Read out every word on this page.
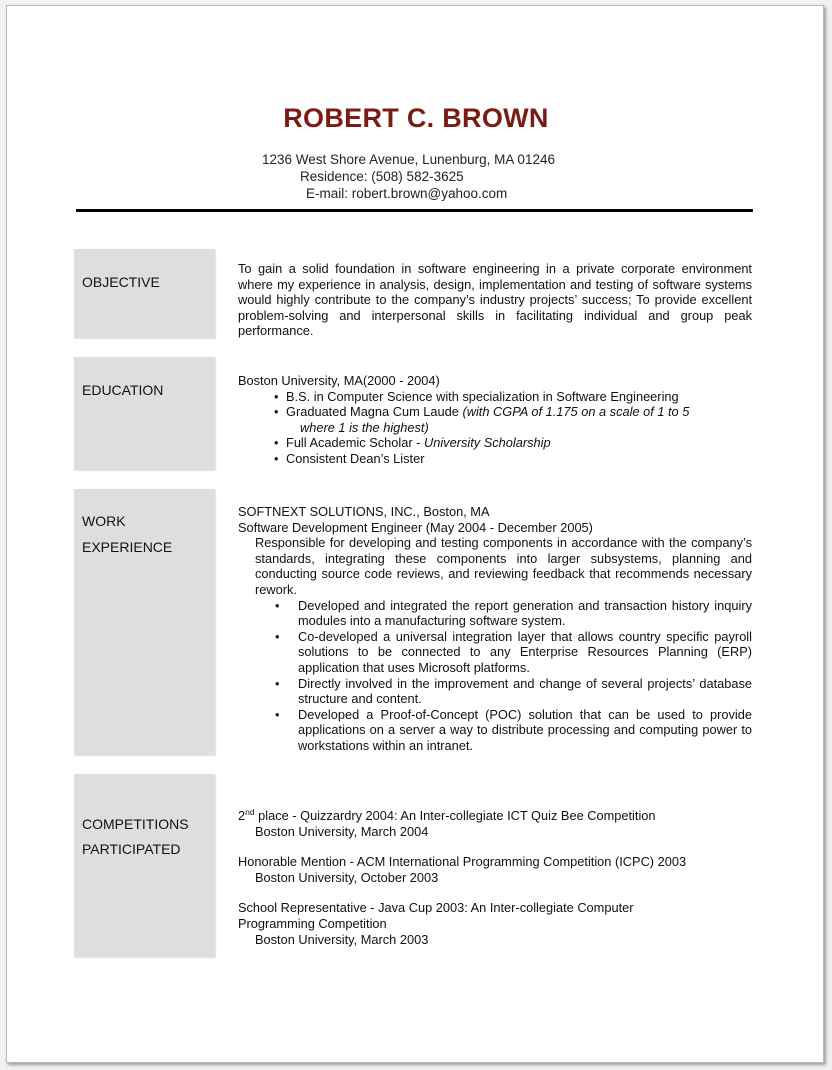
ROBERT C. BROWN
1236 West Shore Avenue, Lunenburg, MA 01246
Residence: (508) 582-3625
E-mail: robert.brown@yahoo.com
OBJECTIVE
To gain a solid foundation in software engineering in a private corporate environment where my experience in analysis, design, implementation and testing of software systems would highly contribute to the company’s industry projects’ success; To provide excellent problem-solving and interpersonal skills in facilitating individual and group peak performance.
EDUCATION
Boston University, MA(2000 - 2004)
• B.S. in Computer Science with specialization in Software Engineering
• Graduated Magna Cum Laude (with CGPA of 1.175 on a scale of 1 to 5
where 1 is the highest)
• Full Academic Scholar - University Scholarship
• Consistent Dean’s Lister
WORK
EXPERIENCE
SOFTNEXT SOLUTIONS, INC., Boston, MA
Software Development Engineer (May 2004 - December 2005)
Responsible for developing and testing components in accordance with the company’s standards, integrating these components into larger subsystems, planning and conducting source code reviews, and reviewing feedback that recommends necessary rework.
• Developed and integrated the report generation and transaction history inquiry modules into a manufacturing software system.
• Co-developed a universal integration layer that allows country specific payroll solutions to be connected to any Enterprise Resources Planning (ERP) application that uses Microsoft platforms.
• Directly involved in the improvement and change of several projects’ database structure and content.
• Developed a Proof-of-Concept (POC) solution that can be used to provide applications on a server a way to distribute processing and computing power to workstations within an intranet.
COMPETITIONS
PARTICIPATED
2nd place - Quizzardry 2004: An Inter-collegiate ICT Quiz Bee Competition
Boston University, March 2004
Honorable Mention - ACM International Programming Competition (ICPC) 2003
Boston University, October 2003
School Representative - Java Cup 2003: An Inter-collegiate Computer
Programming Competition
Boston University, March 2003
